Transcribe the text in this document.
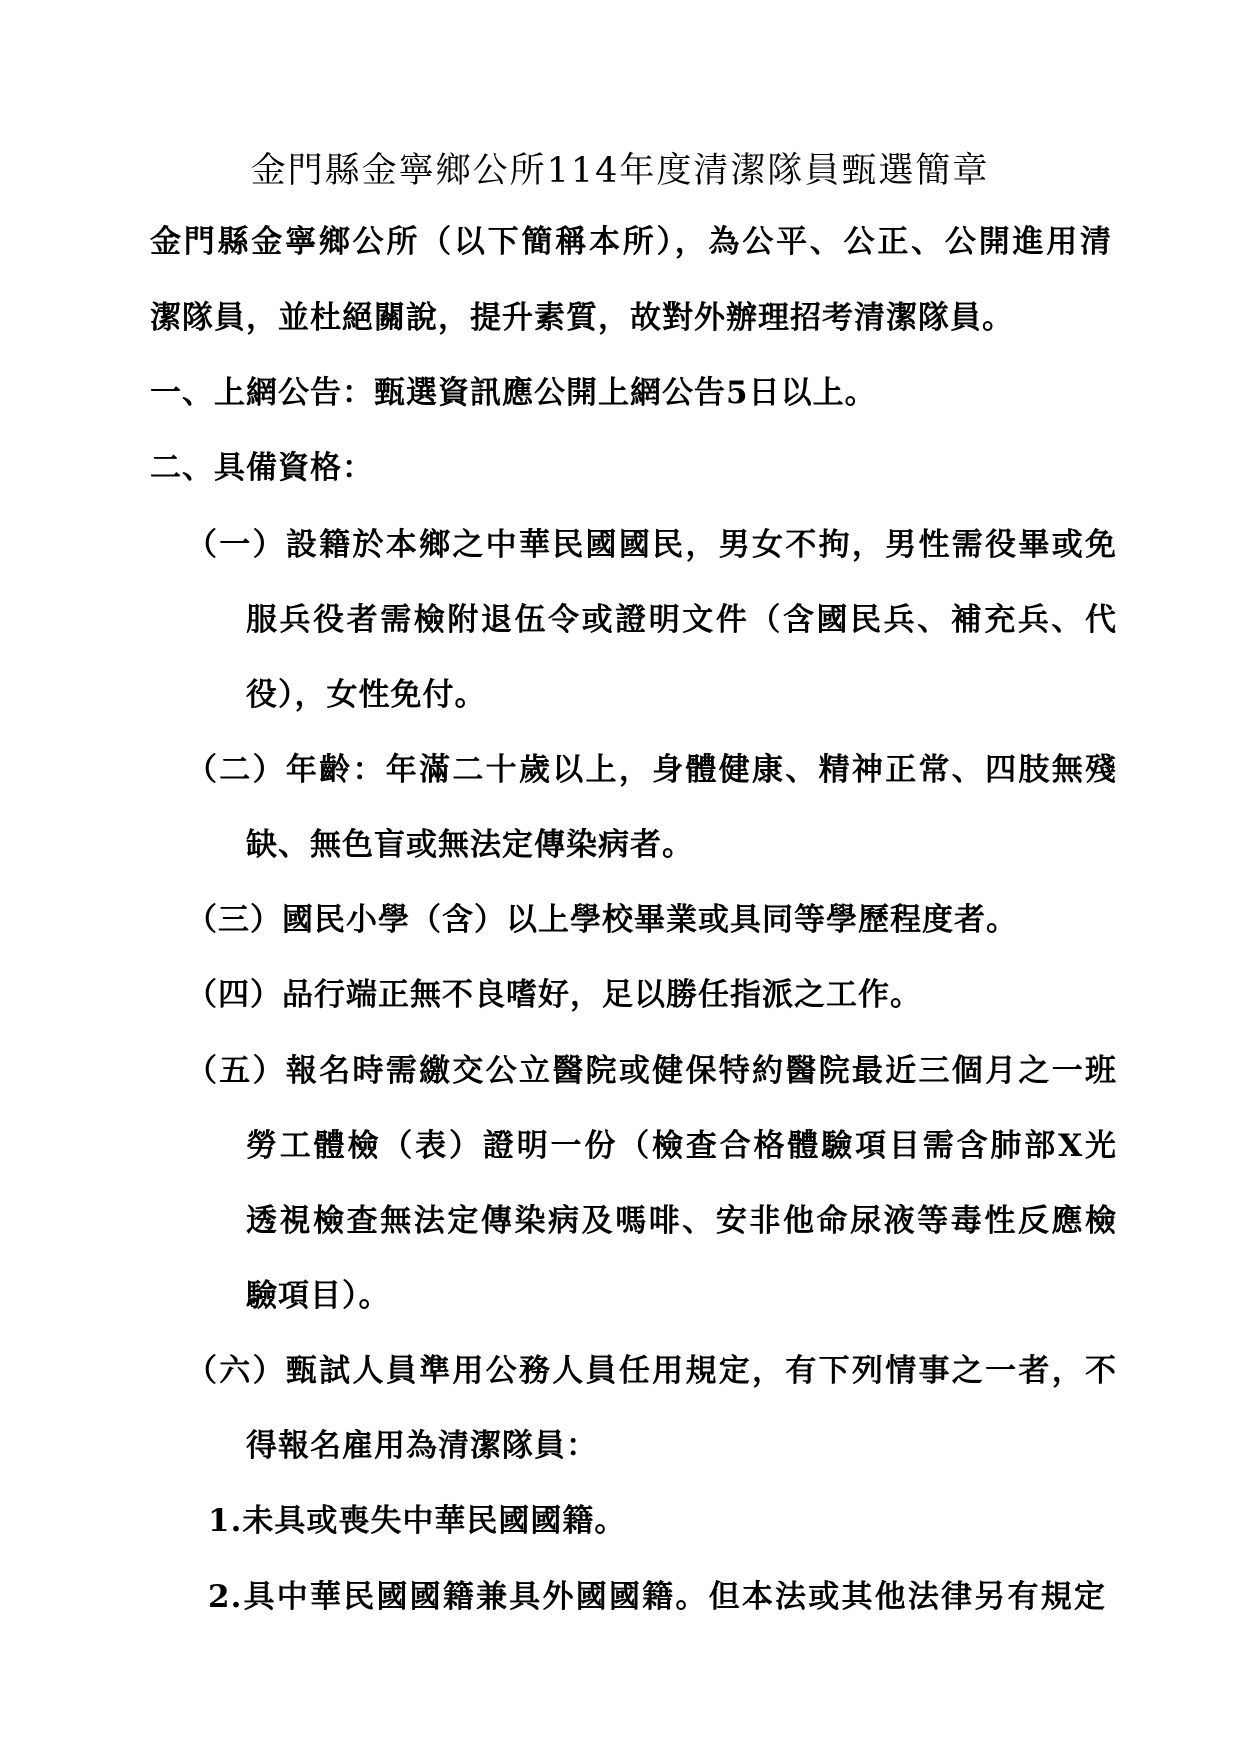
金門縣金寧鄉公所114年度清潔隊員甄選簡章
金門縣金寧鄉公所（以下簡稱本所），為公平、公正、公開進用清
潔隊員，並杜絕關說，提升素質，故對外辦理招考清潔隊員。
一、上網公告：甄選資訊應公開上網公告5日以上。
二、具備資格：
（一）設籍於本鄉之中華民國國民，男女不拘，男性需役畢或免
服兵役者需檢附退伍令或證明文件（含國民兵、補充兵、代
役），女性免付。
（二）年齡：年滿二十歲以上，身體健康、精神正常、四肢無殘
缺、無色盲或無法定傳染病者。
（三）國民小學（含）以上學校畢業或具同等學歷程度者。
（四）品行端正無不良嗜好，足以勝任指派之工作。
（五）報名時需繳交公立醫院或健保特約醫院最近三個月之一班
勞工體檢（表）證明一份（檢查合格體驗項目需含肺部X光
透視檢查無法定傳染病及嗎啡、安非他命尿液等毒性反應檢
驗項目）。
（六）甄試人員準用公務人員任用規定，有下列情事之一者，不
得報名雇用為清潔隊員：
1.未具或喪失中華民國國籍。
2.具中華民國國籍兼具外國國籍。但本法或其他法律另有規定
